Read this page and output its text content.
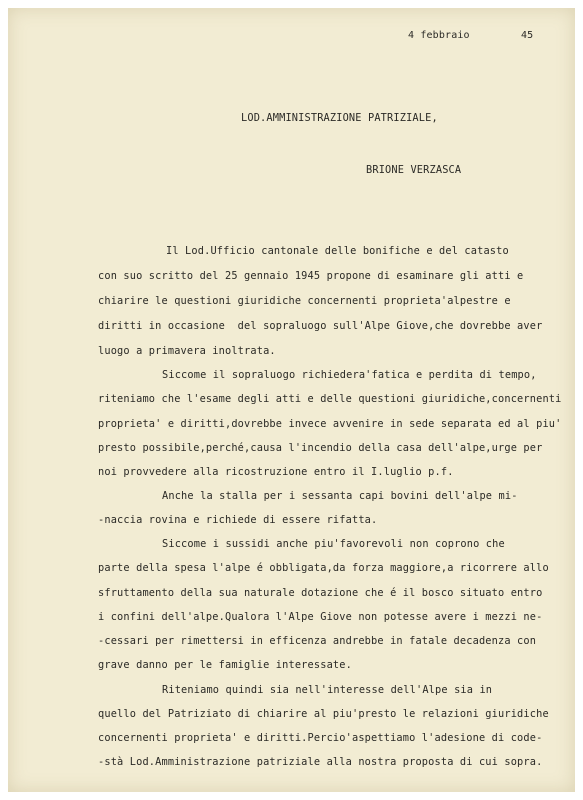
4 febbraio	45
LOD.AMMINISTRAZIONE PATRIZIALE,
BRIONE VERZASCA
Il Lod.Ufficio cantonale delle bonifiche e del catasto
con suo scritto del 25 gennaio 1945 propone di esaminare gli atti e
chiarire le questioni giuridiche concernenti proprieta'alpestre e
diritti in occasione  del sopraluogo sull'Alpe Giove,che dovrebbe aver
luogo a primavera inoltrata.
Siccome il sopraluogo richiedera'fatica e perdita di tempo,
riteniamo che l'esame degli atti e delle questioni giuridiche,concernenti
proprieta' e diritti,dovrebbe invece avvenire in sede separata ed al piu'
presto possibile,perché,causa l'incendio della casa dell'alpe,urge per
noi provvedere alla ricostruzione entro il I.luglio p.f.
Anche la stalla per i sessanta capi bovini dell'alpe mi-
-naccia rovina e richiede di essere rifatta.
Siccome i sussidi anche piu'favorevoli non coprono che
parte della spesa l'alpe é obbligata,da forza maggiore,a ricorrere allo
sfruttamento della sua naturale dotazione che é il bosco situato entro
i confini dell'alpe.Qualora l'Alpe Giove non potesse avere i mezzi ne-
-cessari per rimettersi in efficenza andrebbe in fatale decadenza con
grave danno per le famiglie interessate.
Riteniamo quindi sia nell'interesse dell'Alpe sia in
quello del Patriziato di chiarire al piu'presto le relazioni giuridiche
concernenti proprieta' e diritti.Percio'aspettiamo l'adesione di code-
-stà Lod.Amministrazione patriziale alla nostra proposta di cui sopra.
